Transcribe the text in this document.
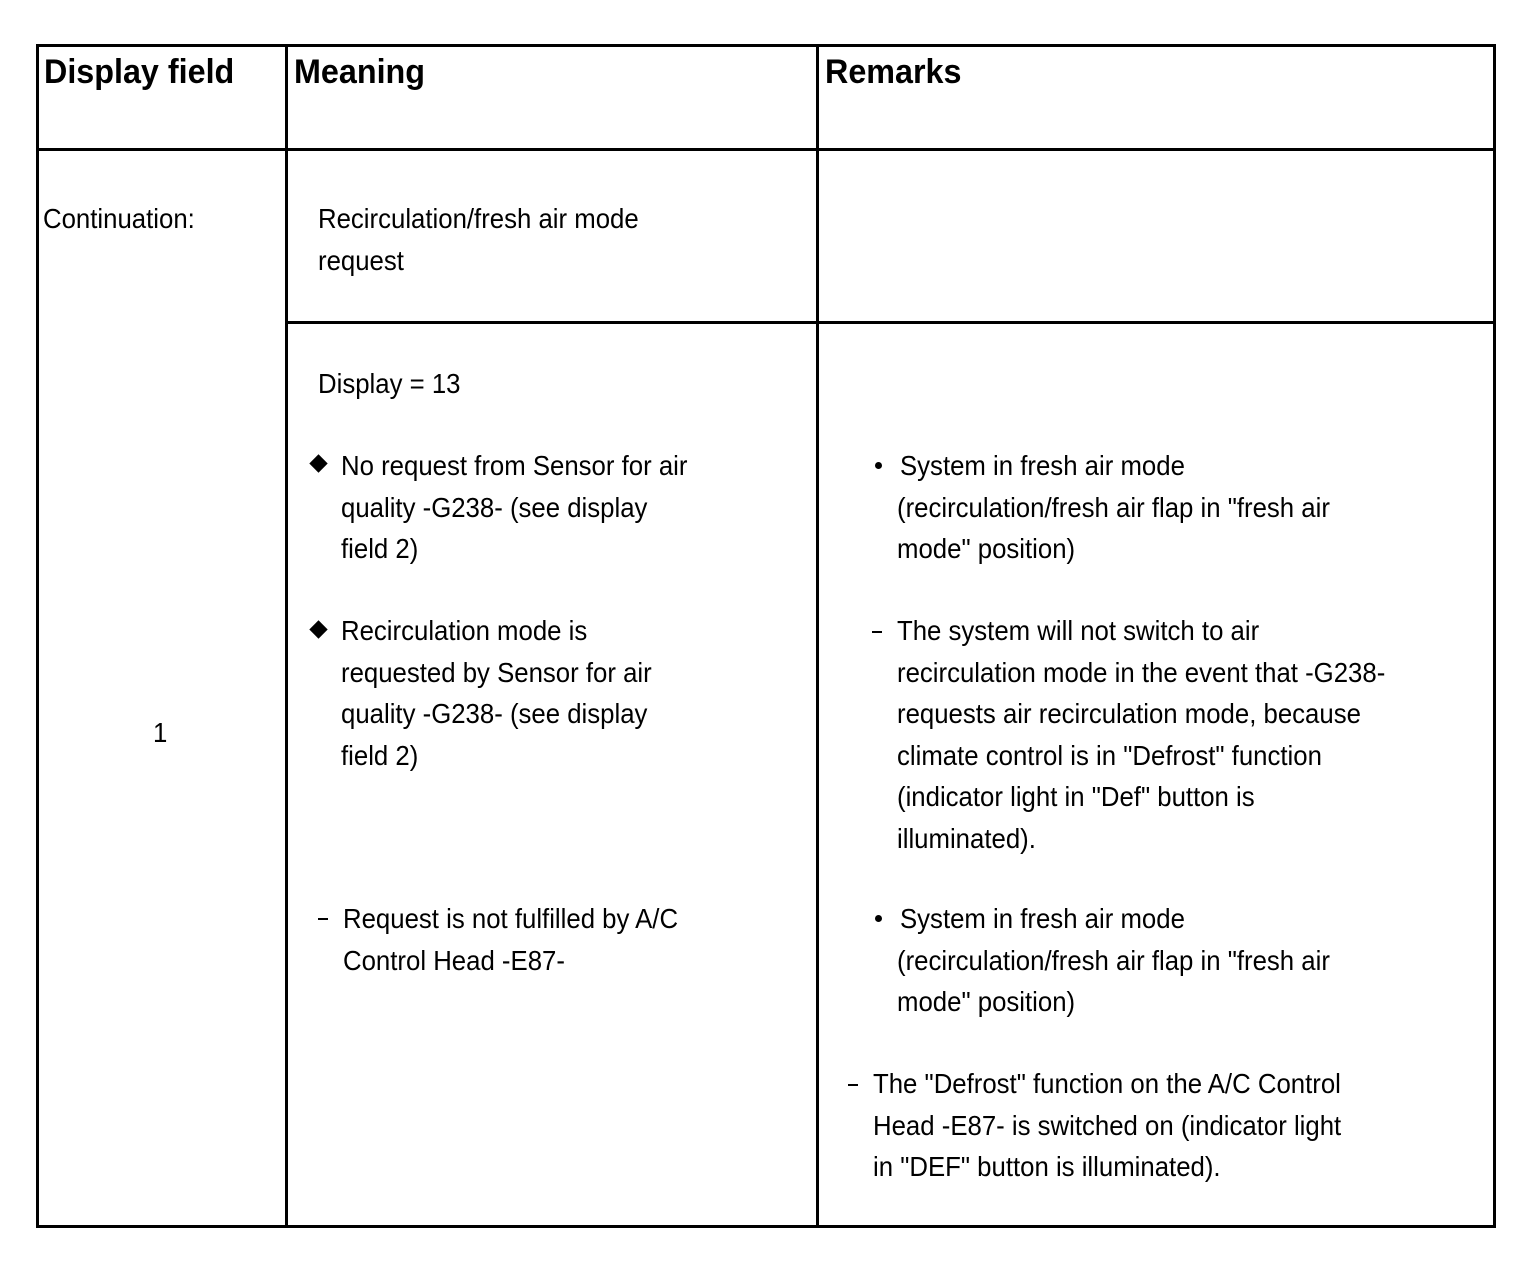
Display field Meaning	Remarks
Continuation:
1
Recirculation/fresh air mode
request
Display = 13
No request from Sensor for air
quality -G238- (see display
field 2)
Recirculation mode is
requested by Sensor for air
quality -G238- (see display
field 2)
Request is not fulfilled by A/C
Control Head -E87-
System in fresh air mode
(recirculation/fresh air flap in "fresh air
mode" position)
The system will not switch to air
recirculation mode in the event that -G238-
requests air recirculation mode, because
climate control is in "Defrost" function
(indicator light in "Def" button is
illuminated).
System in fresh air mode
(recirculation/fresh air flap in "fresh air
mode" position)
The "Defrost" function on the A/C Control
Head -E87- is switched on (indicator light
in "DEF" button is illuminated).
